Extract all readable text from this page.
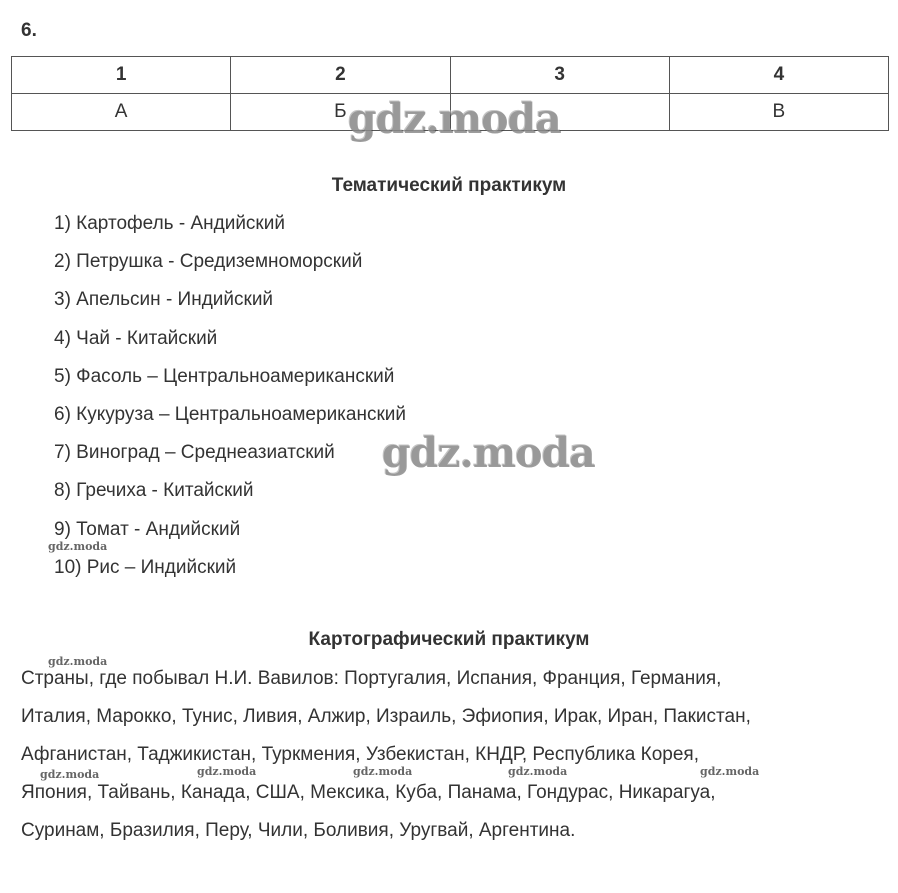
6.
1	2	3	4
А	Б		В
Тематический практикум
1) Картофель - Андийский
2) Петрушка - Средиземноморский
3) Апельсин - Индийский
4) Чай - Китайский
5) Фасоль – Центральноамериканский
6) Кукуруза – Центральноамериканский
7) Виноград – Среднеазиатский
8) Гречиха - Китайский
9) Томат - Андийский
10) Рис – Индийский
Картографический практикум
Страны, где побывал Н.И. Вавилов: Португалия, Испания, Франция, Германия,
Италия, Марокко, Тунис, Ливия, Алжир, Израиль, Эфиопия, Ирак, Иран, Пакистан,
Афганистан, Таджикистан, Туркмения, Узбекистан, КНДР, Республика Корея,
Япония, Тайвань, Канада, США, Мексика, Куба, Панама, Гондурас, Никарагуа,
Суринам, Бразилия, Перу, Чили, Боливия, Уругвай, Аргентина.
gdz.moda
gdz.moda
gdz.moda
gdz.moda
gdz.moda	gdz.moda	gdz.moda	gdz.moda	gdz.moda
